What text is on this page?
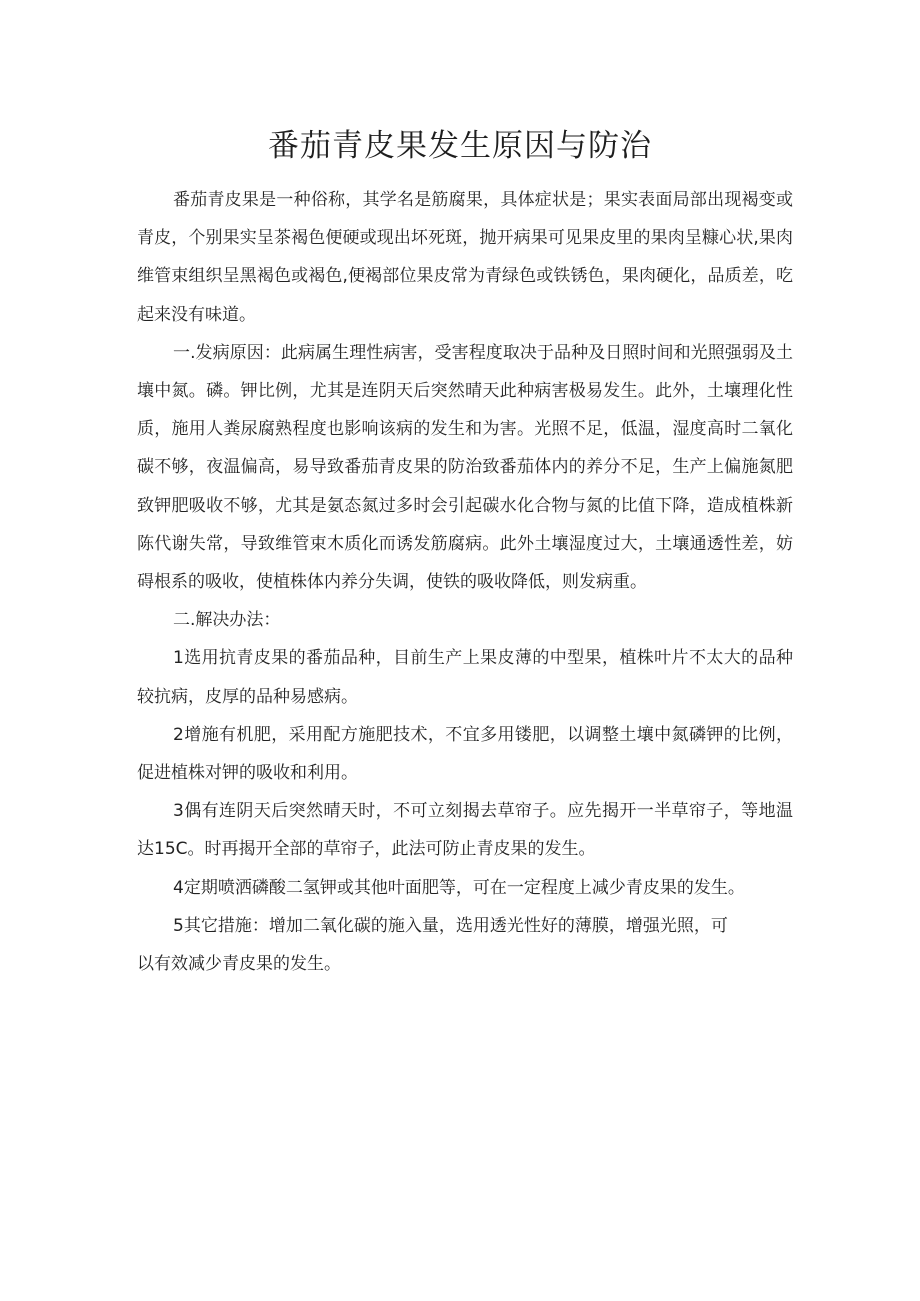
番茄青皮果发生原因与防治

番茄青皮果是一种俗称，其学名是筋腐果，具体症状是；果实表面局部出现褐变或青皮，个别果实呈茶褐色便硬或现出坏死斑，抛开病果可见果皮里的果肉呈糠心状,果肉维管束组织呈黑褐色或褐色,便褐部位果皮常为青绿色或铁锈色，果肉硬化，品质差，吃起来没有味道。

一.发病原因：此病属生理性病害，受害程度取决于品种及日照时间和光照强弱及土壤中氮。磷。钾比例，尤其是连阴天后突然晴天此种病害极易发生。此外，土壤理化性质，施用人粪尿腐熟程度也影响该病的发生和为害。光照不足，低温，湿度高时二氧化碳不够，夜温偏高，易导致番茄青皮果的防治致番茄体内的养分不足，生产上偏施氮肥致钾肥吸收不够，尤其是氨态氮过多时会引起碳水化合物与氮的比值下降，造成植株新陈代谢失常，导致维管束木质化而诱发筋腐病。此外土壤湿度过大，土壤通透性差，妨碍根系的吸收，使植株体内养分失调，使铁的吸收降低，则发病重。

二.解决办法：

1选用抗青皮果的番茄品种，目前生产上果皮薄的中型果，植株叶片不太大的品种较抗病，皮厚的品种易感病。

2增施有机肥，采用配方施肥技术，不宜多用镂肥，以调整土壤中氮磷钾的比例，促进植株对钾的吸收和利用。

3偶有连阴天后突然晴天时，不可立刻揭去草帘子。应先揭开一半草帘子，等地温达15C。时再揭开全部的草帘子，此法可防止青皮果的发生。

4定期喷洒磷酸二氢钾或其他叶面肥等，可在一定程度上减少青皮果的发生。

5其它措施：增加二氧化碳的施入量，选用透光性好的薄膜，增强光照，可

以有效减少青皮果的发生。
